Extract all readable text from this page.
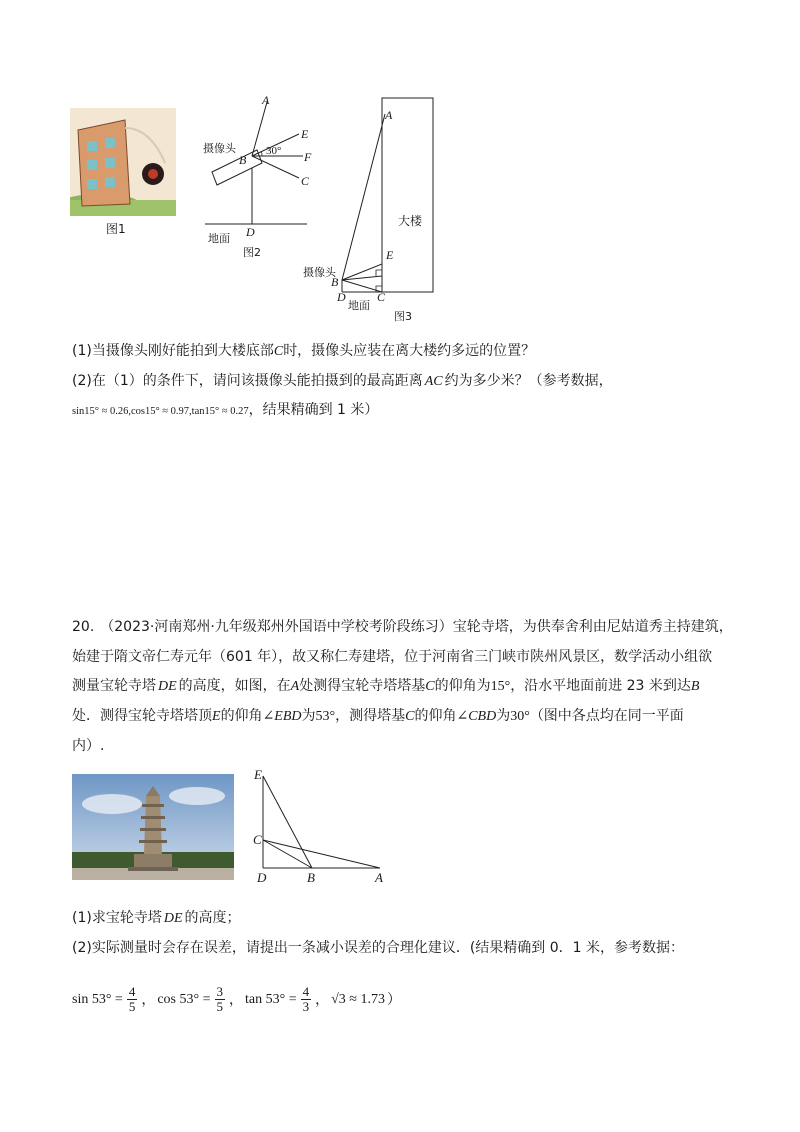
图1
A
B
C
D
E
F
30°
摄像头
地面
图2
A
B
C
D
E
大楼
摄像头
地面
图3
(1)当摄像头刚好能拍到大楼底部C时，摄像头应装在离大楼约多远的位置？
(2)在（1）的条件下，请问该摄像头能拍摄到的最高距离 AC 约为多少米？（参考数据，
sin15° ≈ 0.26,cos15° ≈ 0.97,tan15° ≈ 0.27，结果精确到 1 米）
20. （2023·河南郑州·九年级郑州外国语中学校考阶段练习）宝轮寺塔，为供奉舍利由尼姑道秀主持建筑，
始建于隋文帝仁寿元年（601 年），故又称仁寿建塔，位于河南省三门峡市陕州风景区，数学活动小组欲
测量宝轮寺塔 DE 的高度，如图，在A处测得宝轮寺塔塔基C的仰角为15°，沿水平地面前进 23 米到达B
处．测得宝轮寺塔塔顶E的仰角∠EBD为53°，测得塔基C的仰角∠CBD为30°（图中各点均在同一平面
内）.
E
C
D	B	A
(1)求宝轮寺塔 DE 的高度；
(2)实际测量时会存在误差，请提出一条减小误差的合理化建议．(结果精确到 0．1 米，参考数据：
$\sin 53^\circ = \frac{4}{5}$ ， $\cos 53^\circ = \frac{3}{5}$ ， $\tan 53^\circ = \frac{4}{3}$ ， √3 ≈ 1.73 ）
